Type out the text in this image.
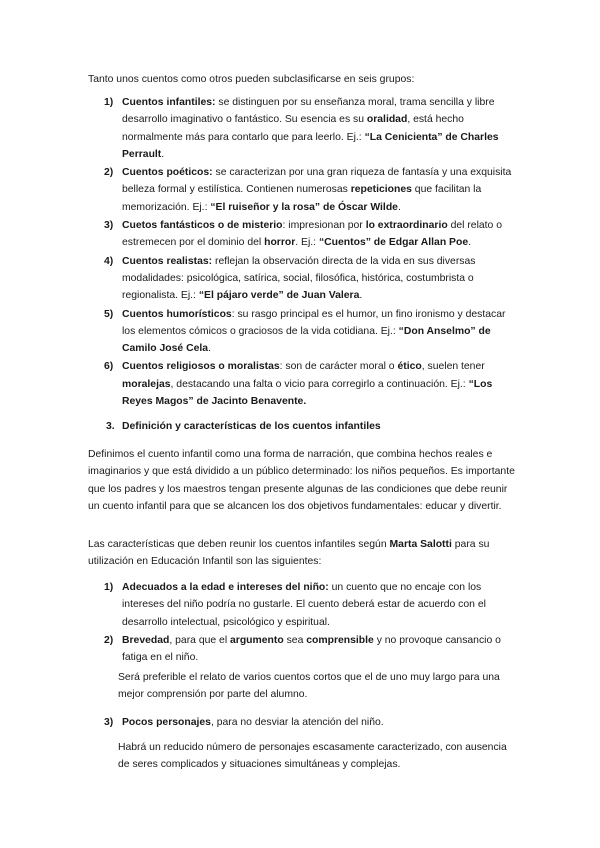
Tanto unos cuentos como otros pueden subclasificarse en seis grupos:

1) Cuentos infantiles: se distinguen por su enseñanza moral, trama sencilla y libre desarrollo imaginativo o fantástico. Su esencia es su oralidad, está hecho normalmente más para contarlo que para leerlo. Ej.: “La Cenicienta” de Charles Perrault.
2) Cuentos poéticos: se caracterizan por una gran riqueza de fantasía y una exquisita belleza formal y estilística. Contienen numerosas repeticiones que facilitan la memorización. Ej.: “El ruiseñor y la rosa” de Óscar Wilde.
3) Cuetos fantásticos o de misterio: impresionan por lo extraordinario del relato o estremecen por el dominio del horror. Ej.: “Cuentos” de Edgar Allan Poe.
4) Cuentos realistas: reflejan la observación directa de la vida en sus diversas modalidades: psicológica, satírica, social, filosófica, histórica, costumbrista o regionalista. Ej.: “El pájaro verde” de Juan Valera.
5) Cuentos humorísticos: su rasgo principal es el humor, un fino ironismo y destacar los elementos cómicos o graciosos de la vida cotidiana. Ej.: “Don Anselmo” de Camilo José Cela.
6) Cuentos religiosos o moralistas: son de carácter moral o ético, suelen tener moralejas, destacando una falta o vicio para corregirlo a continuación. Ej.: “Los Reyes Magos” de Jacinto Benavente.
3. Definición y características de los cuentos infantiles

Definimos el cuento infantil como una forma de narración, que combina hechos reales e imaginarios y que está dividido a un público determinado: los niños pequeños. Es importante que los padres y los maestros tengan presente algunas de las condiciones que debe reunir un cuento infantil para que se alcancen los dos objetivos fundamentales: educar y divertir.

Las características que deben reunir los cuentos infantiles según Marta Salotti para su utilización en Educación Infantil son las siguientes:

1) Adecuados a la edad e intereses del niño: un cuento que no encaje con los intereses del niño podría no gustarle. El cuento deberá estar de acuerdo con el desarrollo intelectual, psicológico y espiritual.
2) Brevedad, para que el argumento sea comprensible y no provoque cansancio o fatiga en el niño.

Será preferible el relato de varios cuentos cortos que el de uno muy largo para una mejor comprensión por parte del alumno.

3) Pocos personajes, para no desviar la atención del niño.

Habrá un reducido número de personajes escasamente caracterizado, con ausencia de seres complicados y situaciones simultáneas y complejas.
